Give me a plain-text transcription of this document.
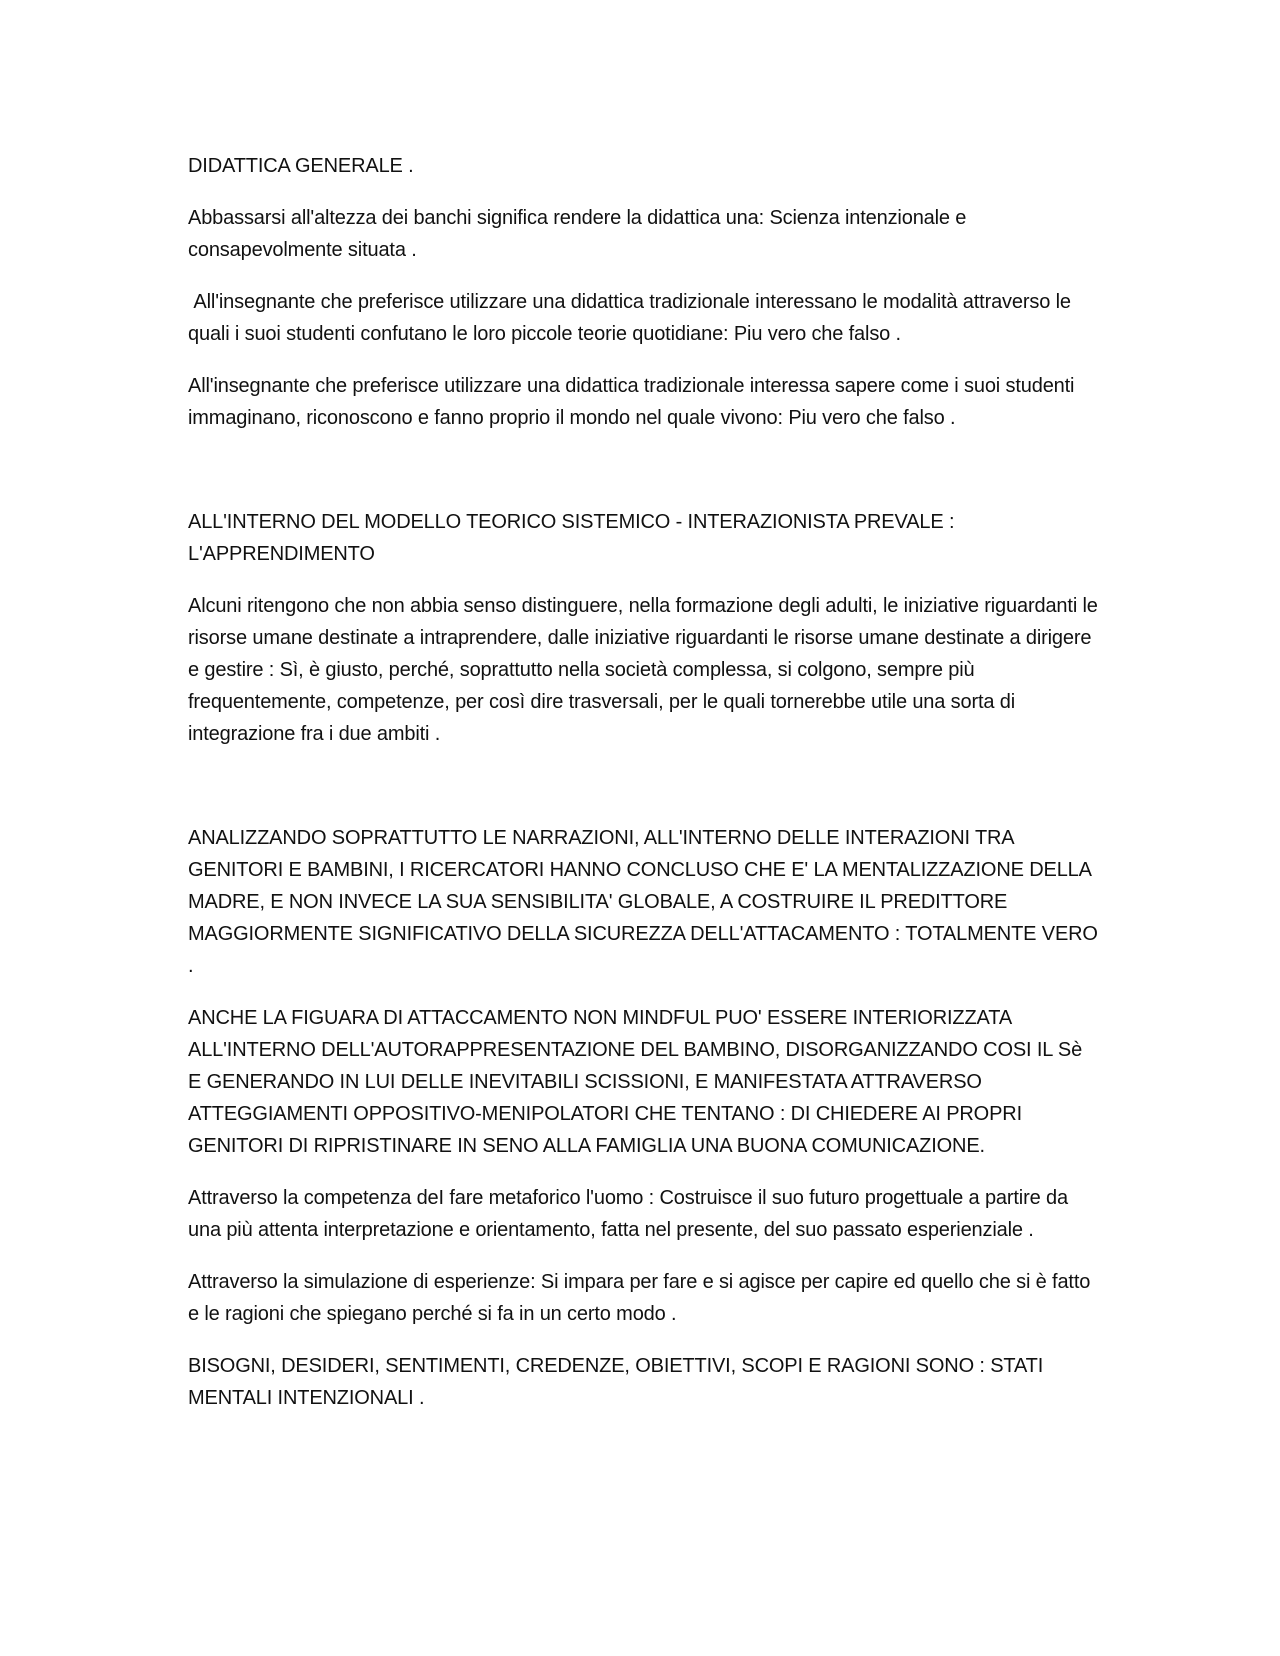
DIDATTICA GENERALE .

Abbassarsi all'altezza dei banchi significa rendere la didattica una: Scienza intenzionale e consapevolmente situata .

All'insegnante che preferisce utilizzare una didattica tradizionale interessano le modalità attraverso le quali i suoi studenti confutano le loro piccole teorie quotidiane: Piu vero che falso .

All'insegnante che preferisce utilizzare una didattica tradizionale interessa sapere come i suoi studenti immaginano, riconoscono e fanno proprio il mondo nel quale vivono: Piu vero che falso .

ALL'INTERNO DEL MODELLO TEORICO SISTEMICO - INTERAZIONISTA PREVALE : L'APPRENDIMENTO

Alcuni ritengono che non abbia senso distinguere, nella formazione degli adulti, le iniziative riguardanti le risorse umane destinate a intraprendere, dalle iniziative riguardanti le risorse umane destinate a dirigere e gestire : Sì, è giusto, perché, soprattutto nella società complessa, si colgono, sempre più frequentemente, competenze, per così dire trasversali, per le quali tornerebbe utile una sorta di integrazione fra i due ambiti .

ANALIZZANDO SOPRATTUTTO LE NARRAZIONI, ALL'INTERNO DELLE INTERAZIONI TRA GENITORI E BAMBINI, I RICERCATORI HANNO CONCLUSO CHE E' LA MENTALIZZAZIONE DELLA MADRE, E NON INVECE LA SUA SENSIBILITA' GLOBALE, A COSTRUIRE IL PREDITTORE MAGGIORMENTE SIGNIFICATIVO DELLA SICUREZZA DELL'ATTACAMENTO : TOTALMENTE VERO .

ANCHE LA FIGUARA DI ATTACCAMENTO NON MINDFUL PUO' ESSERE INTERIORIZZATA ALL'INTERNO DELL'AUTORAPPRESENTAZIONE DEL BAMBINO, DISORGANIZZANDO COSI IL Sè E GENERANDO IN LUI DELLE INEVITABILI SCISSIONI, E MANIFESTATA ATTRAVERSO ATTEGGIAMENTI OPPOSITIVO-MENIPOLATORI CHE TENTANO : DI CHIEDERE AI PROPRI GENITORI DI RIPRISTINARE IN SENO ALLA FAMIGLIA UNA BUONA COMUNICAZIONE.

Attraverso la competenza deI fare metaforico l'uomo : Costruisce il suo futuro progettuale a partire da una più attenta interpretazione e orientamento, fatta nel presente, del suo passato esperienziale .

Attraverso la simulazione di esperienze: Si impara per fare e si agisce per capire ed quello che si è fatto e le ragioni che spiegano perché si fa in un certo modo .

BISOGNI, DESIDERI, SENTIMENTI, CREDENZE, OBIETTIVI, SCOPI E RAGIONI SONO : STATI MENTALI INTENZIONALI .
